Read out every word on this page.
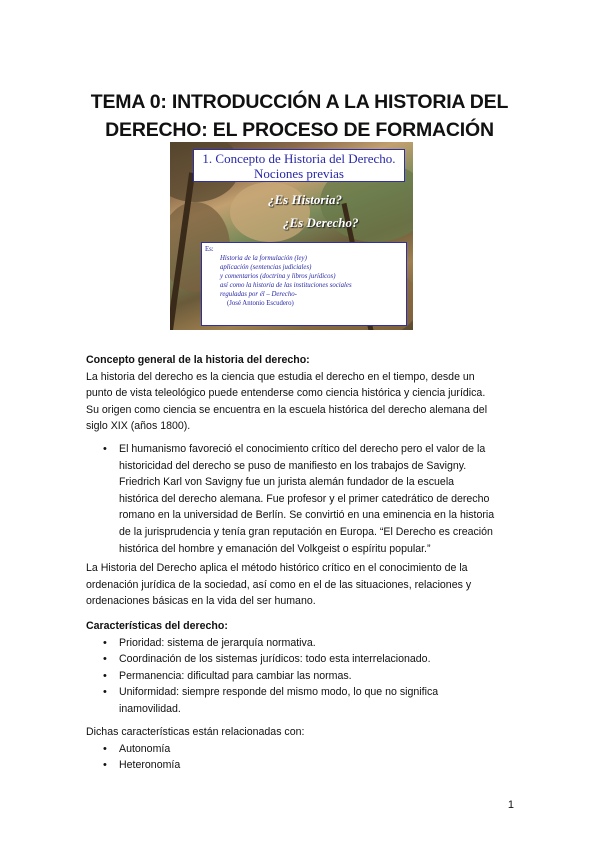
TEMA 0: INTRODUCCIÓN A LA HISTORIA DEL
DERECHO: EL PROCESO DE FORMACIÓN
1. Concepto de Historia del Derecho.
Nociones previas
¿Es Historia?
¿Es Derecho?
Es:
Historia de la formulación (ley)
aplicación (sentencias judiciales)
y comentarios (doctrina y libros jurídicos)
así como la historia de las instituciones sociales
reguladas por él – Derecho-
(José Antonio Escudero)

Concepto general de la historia del derecho:

La historia del derecho es la ciencia que estudia el derecho en el tiempo, desde un

punto de vista teleológico puede entenderse como ciencia histórica y ciencia jurídica.

Su origen como ciencia se encuentra en la escuela histórica del derecho alemana del

siglo XIX (años 1800).

• El humanismo favoreció el conocimiento crítico del derecho pero el valor de la
historicidad del derecho se puso de manifiesto en los trabajos de Savigny.
Friedrich Karl von Savigny fue un jurista alemán fundador de la escuela
histórica del derecho alemana. Fue profesor y el primer catedrático de derecho
romano en la universidad de Berlín. Se convirtió en una eminencia en la historia
de la jurisprudencia y tenía gran reputación en Europa. “El Derecho es creación
histórica del hombre y emanación del Volkgeist o espíritu popular.”

La Historia del Derecho aplica el método histórico crítico en el conocimiento de la

ordenación jurídica de la sociedad, así como en el de las situaciones, relaciones y

ordenaciones básicas en la vida del ser humano.

Características del derecho:

• Prioridad: sistema de jerarquía normativa.
• Coordinación de los sistemas jurídicos: todo esta interrelacionado.
• Permanencia: dificultad para cambiar las normas.
• Uniformidad: siempre responde del mismo modo, lo que no significa
inamovilidad.

Dichas características están relacionadas con:

• Autonomía
• Heteronomía
1
